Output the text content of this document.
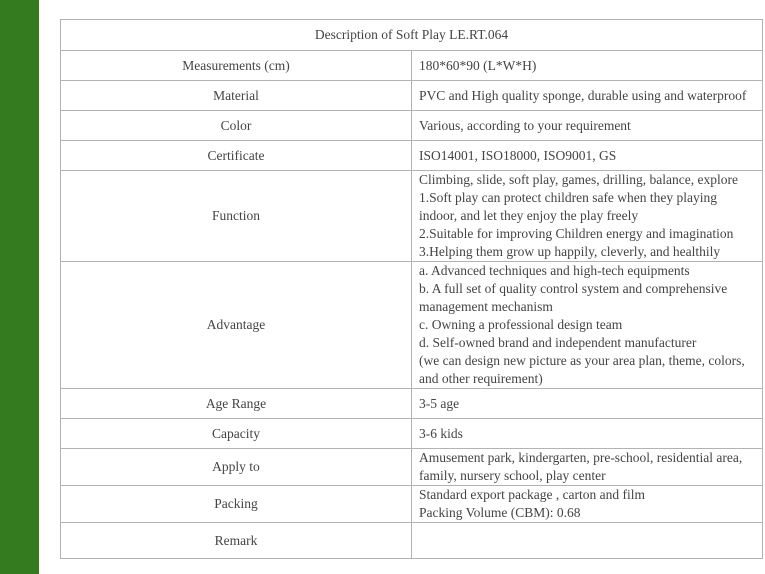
Description of Soft Play LE.RT.064	
Measurements (cm)	180*60*90 (L*W*H)

Material	PVC and High quality sponge, durable using and waterproof

Color	Various, according to your requirement

Certificate	ISO14001, ISO18000, ISO9001, GS

Function	Climbing, slide, soft play, games, drilling, balance, explore
1.Soft play can protect children safe when they playing indoor, and let they enjoy the play freely
2.Suitable for improving Children energy and imagination
3.Helping them grow up happily, cleverly, and healthily

Advantage	a. Advanced techniques and high-tech equipments
b. A full set of quality control system and comprehensive management mechanism
c. Owning a professional design team
d. Self-owned brand and independent manufacturer
(we can design new picture as your area plan, theme, colors, and other requirement)

Age Range	3-5 age

Capacity	3-6 kids

Apply to	Amusement park, kindergarten, pre-school, residential area, family, nursery school, play center

Packing	Standard export package , carton and film
Packing Volume (CBM): 0.68

Remark	
